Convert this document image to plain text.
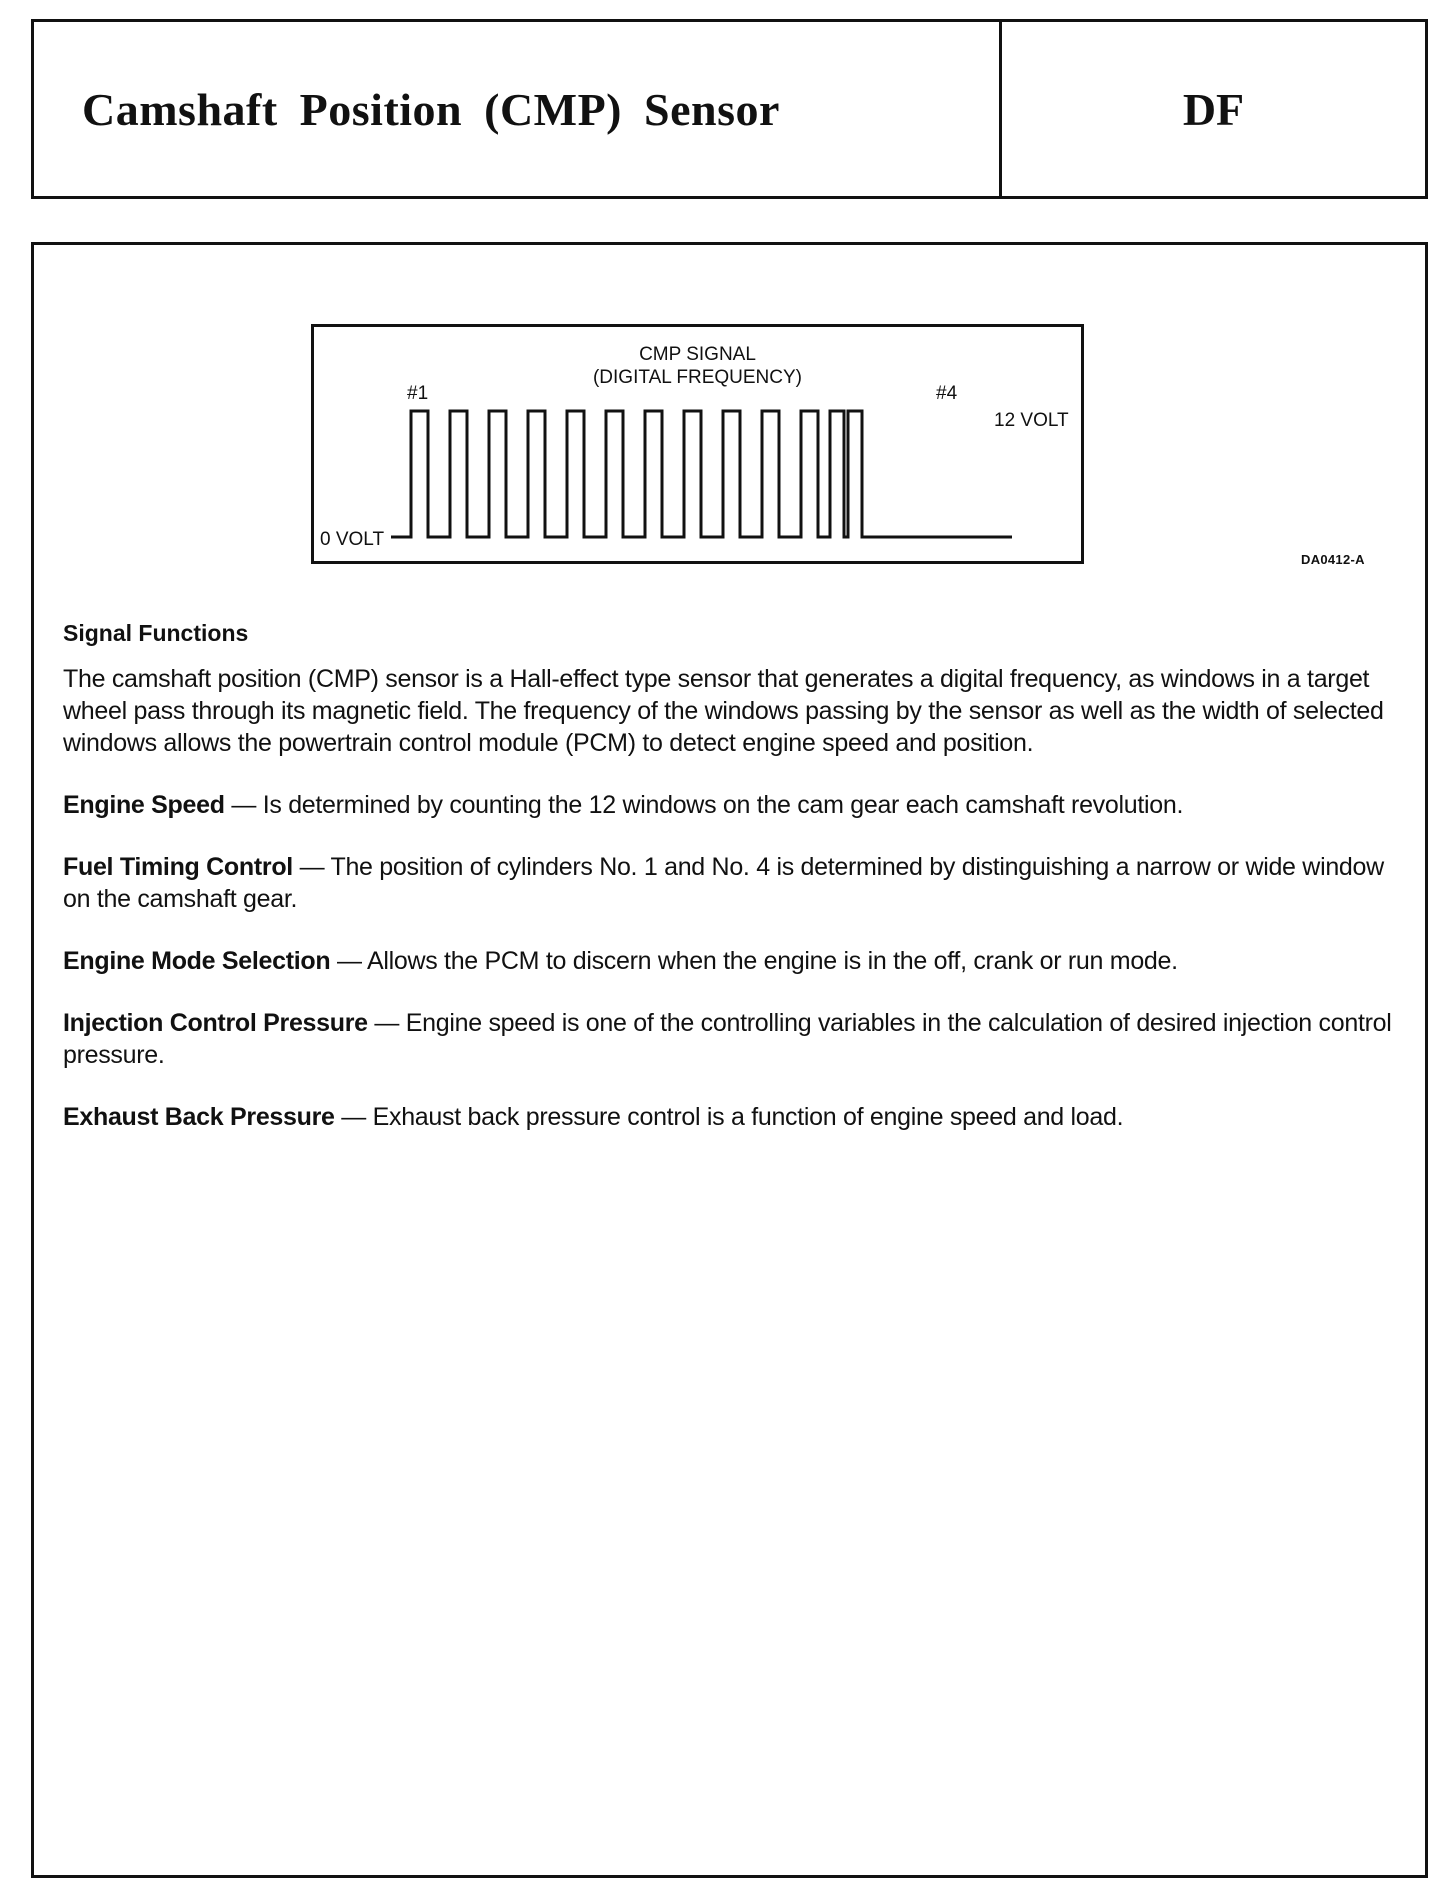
Camshaft Position (CMP) Sensor	DF
CMP SIGNAL
(DIGITAL FREQUENCY)
#1	#4
12 VOLT
0 VOLT
DA0412-A
Signal Functions

The camshaft position (CMP) sensor is a Hall-effect type sensor that generates a digital frequency, as windows in a target wheel pass through its magnetic field. The frequency of the windows passing by the sensor as well as the width of selected windows allows the powertrain control module (PCM) to detect engine speed and position.

Engine Speed — Is determined by counting the 12 windows on the cam gear each camshaft revolution.

Fuel Timing Control — The position of cylinders No. 1 and No. 4 is determined by distinguishing a narrow or wide window on the camshaft gear.

Engine Mode Selection — Allows the PCM to discern when the engine is in the off, crank or run mode.

Injection Control Pressure — Engine speed is one of the controlling variables in the calculation of desired injection control pressure.

Exhaust Back Pressure — Exhaust back pressure control is a function of engine speed and load.
